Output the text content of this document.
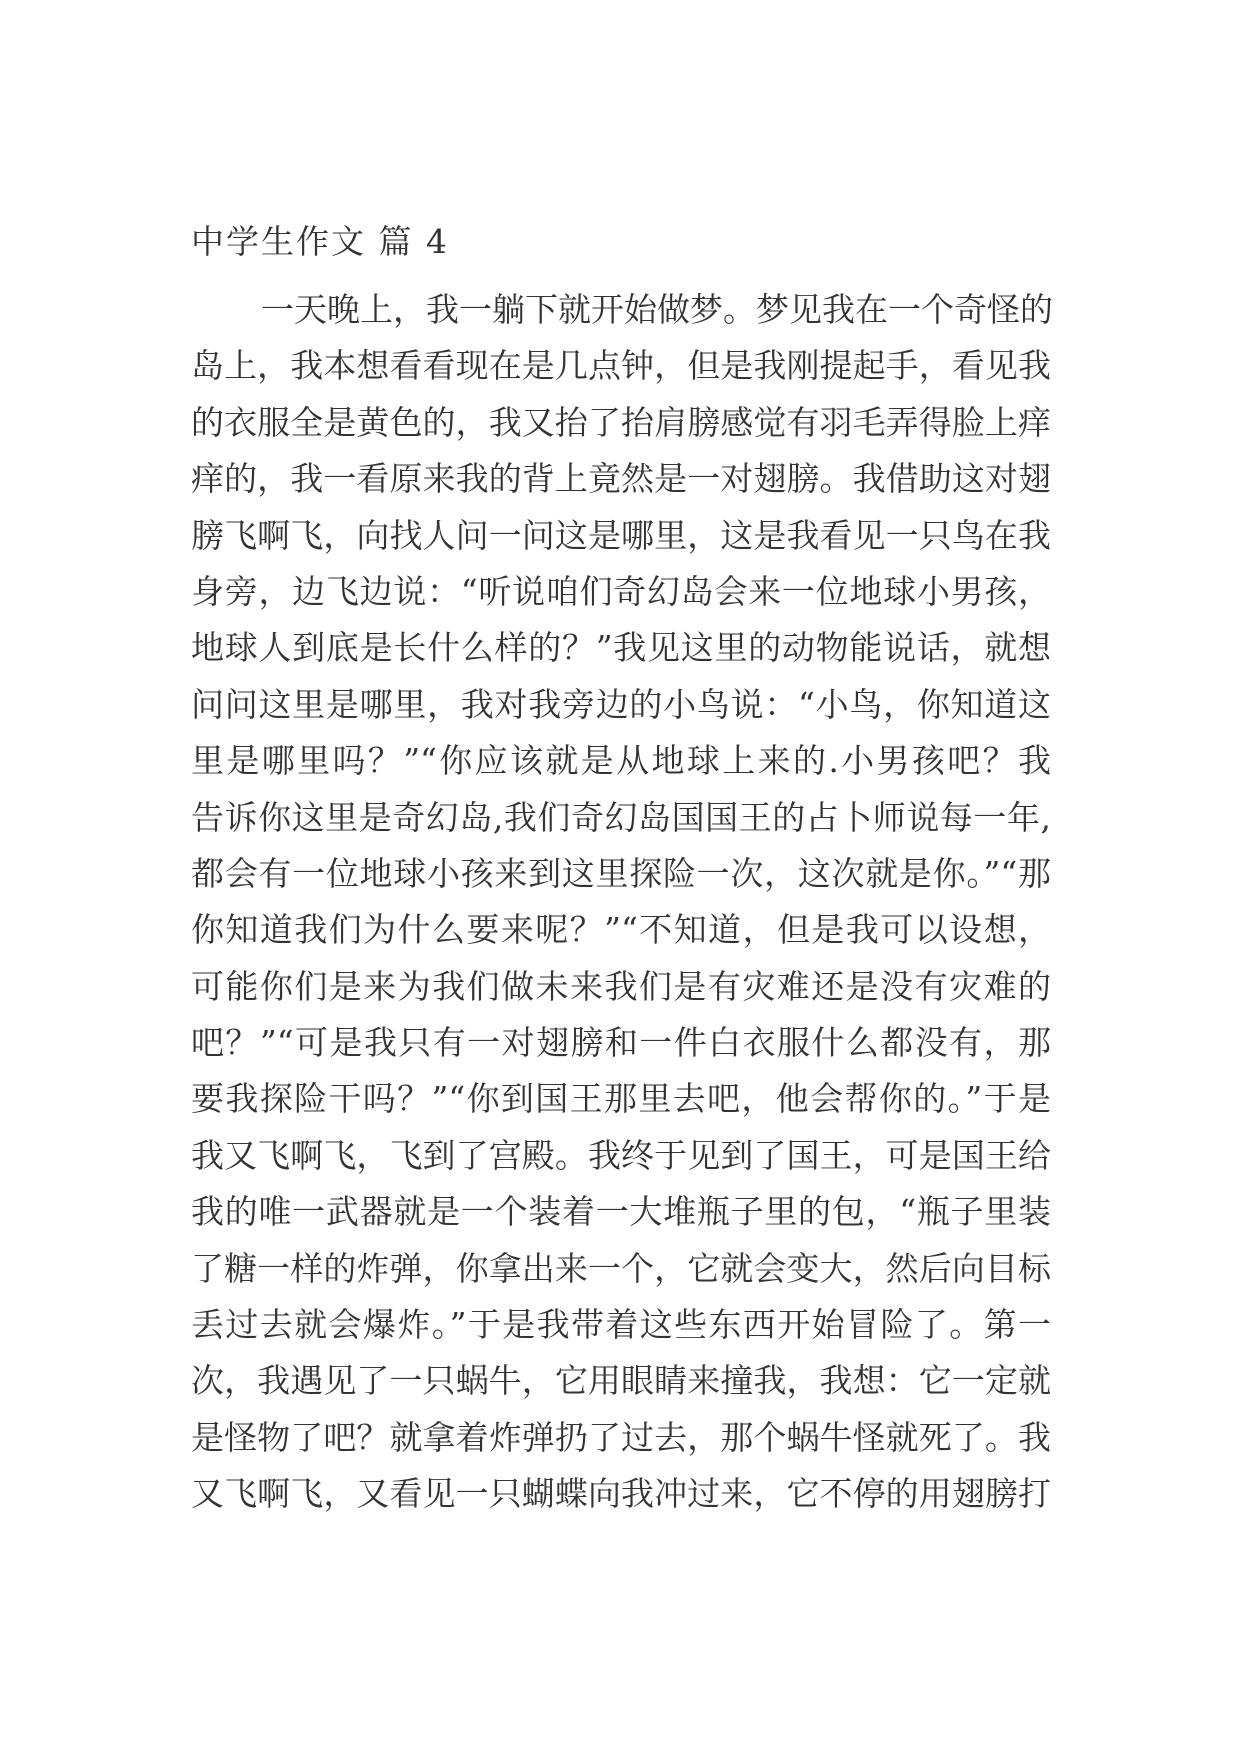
中学生作文 篇 4
一天晚上，我一躺下就开始做梦。梦见我在一个奇怪的
岛上，我本想看看现在是几点钟，但是我刚提起手，看见我
的衣服全是黄色的，我又抬了抬肩膀感觉有羽毛弄得脸上痒
痒的，我一看原来我的背上竟然是一对翅膀。我借助这对翅
膀飞啊飞，向找人问一问这是哪里，这是我看见一只鸟在我
身旁，边飞边说：“听说咱们奇幻岛会来一位地球小男孩，
地球人到底是长什么样的？”我见这里的动物能说话，就想
问问这里是哪里，我对我旁边的小鸟说：“小鸟，你知道这
里是哪里吗？”“你应该就是从地球上来的.小男孩吧？我
告诉你这里是奇幻岛,我们奇幻岛国国王的占卜师说每一年,
都会有一位地球小孩来到这里探险一次，这次就是你。”“那
你知道我们为什么要来呢？”“不知道，但是我可以设想，
可能你们是来为我们做未来我们是有灾难还是没有灾难的
吧？”“可是我只有一对翅膀和一件白衣服什么都没有，那
要我探险干吗？”“你到国王那里去吧，他会帮你的。”于是
我又飞啊飞，飞到了宫殿。我终于见到了国王，可是国王给
我的唯一武器就是一个装着一大堆瓶子里的包，“瓶子里装
了糖一样的炸弹，你拿出来一个，它就会变大，然后向目标
丢过去就会爆炸。”于是我带着这些东西开始冒险了。第一
次，我遇见了一只蜗牛，它用眼睛来撞我，我想：它一定就
是怪物了吧？就拿着炸弹扔了过去，那个蜗牛怪就死了。我
又飞啊飞，又看见一只蝴蝶向我冲过来，它不停的用翅膀打
